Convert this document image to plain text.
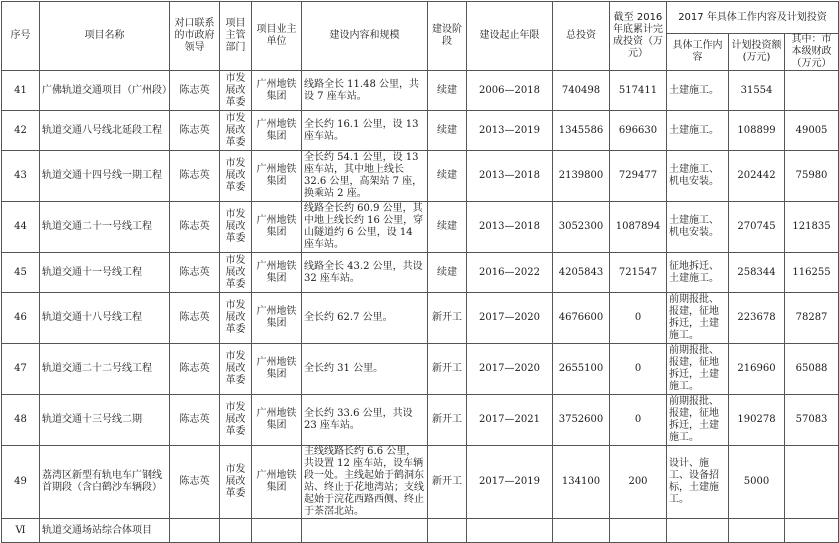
序号	项目名称	对口联系的市政府领导	项目主管部门	项目业主单位	建设内容和规模	建设阶段	建设起止年限	总投资	截至 2016 年底累计完成投资（万元）	2017 年具体工作内容及计划投资		
										具体工作内容	计划投资额(万元)	其中：市本级财政（万元）
41	广佛轨道交通项目（广州段）	陈志英	市发展改革委	广州地铁集团	线路全长 11.48 公里，共设 7 座车站。	续建	2006—2018	740498	517411	土建施工。	31554	
42	轨道交通八号线北延段工程	陈志英	市发展改革委	广州地铁集团	全长约 16.1 公里，设 13 座车站。	续建	2013—2019	1345586	696630	土建施工。	108899	49005
43	轨道交通十四号线一期工程	陈志英	市发展改革委	广州地铁集团	全长约 54.1 公里，设 13 座车站，其中地上线长 32.6 公里，高架站 7 座，换乘站 2 座。	续建	2013—2018	2139800	729477	土建施工、机电安装。	202442	75980
44	轨道交通二十一号线工程	陈志英	市发展改革委	广州地铁集团	线路全长约 60.9 公里，其中地上线长约 16 公里，穿山隧道约 6 公里，设 14 座车站。	续建	2013—2018	3052300	1087894	土建施工、机电安装。	270745	121835
45	轨道交通十一号线工程	陈志英	市发展改革委	广州地铁集团	线路全长 43.2 公里，共设 32 座车站。	续建	2016—2022	4205843	721547	征地拆迁、土建施工。	258344	116255
46	轨道交通十八号线工程	陈志英	市发展改革委	广州地铁集团	全长约 62.7 公里。	新开工	2017—2020	4676600	0	前期报批、报建，征地拆迁，土建施工。	223678	78287
47	轨道交通二十二号线工程	陈志英	市发展改革委	广州地铁集团	全长约 31 公里。	新开工	2017—2020	2655100	0	前期报批、报建，征地拆迁，土建施工。	216960	65088
48	轨道交通十三号线二期	陈志英	市发展改革委	广州地铁集团	全长约 33.6 公里，共设 23 座车站。	新开工	2017—2021	3752600	0	前期报批、报建，征地拆迁，土建施工。	190278	57083
49	荔湾区新型有轨电车广钢线首期段（含白鹤沙车辆段）	陈志英	市发展改革委	广州地铁集团	主线线路长约 6.6 公里，共设置 12 座车站，设车辆段一处。主线起始于鹤洞东站、终止于花地湾站；支线起始于浣花西路西侧、终止于茶滘北站。	新开工	2017—2019	134100	200	设计、施工、设备招标，土建施工。	5000	
Ⅵ	轨道交通场站综合体项目											
